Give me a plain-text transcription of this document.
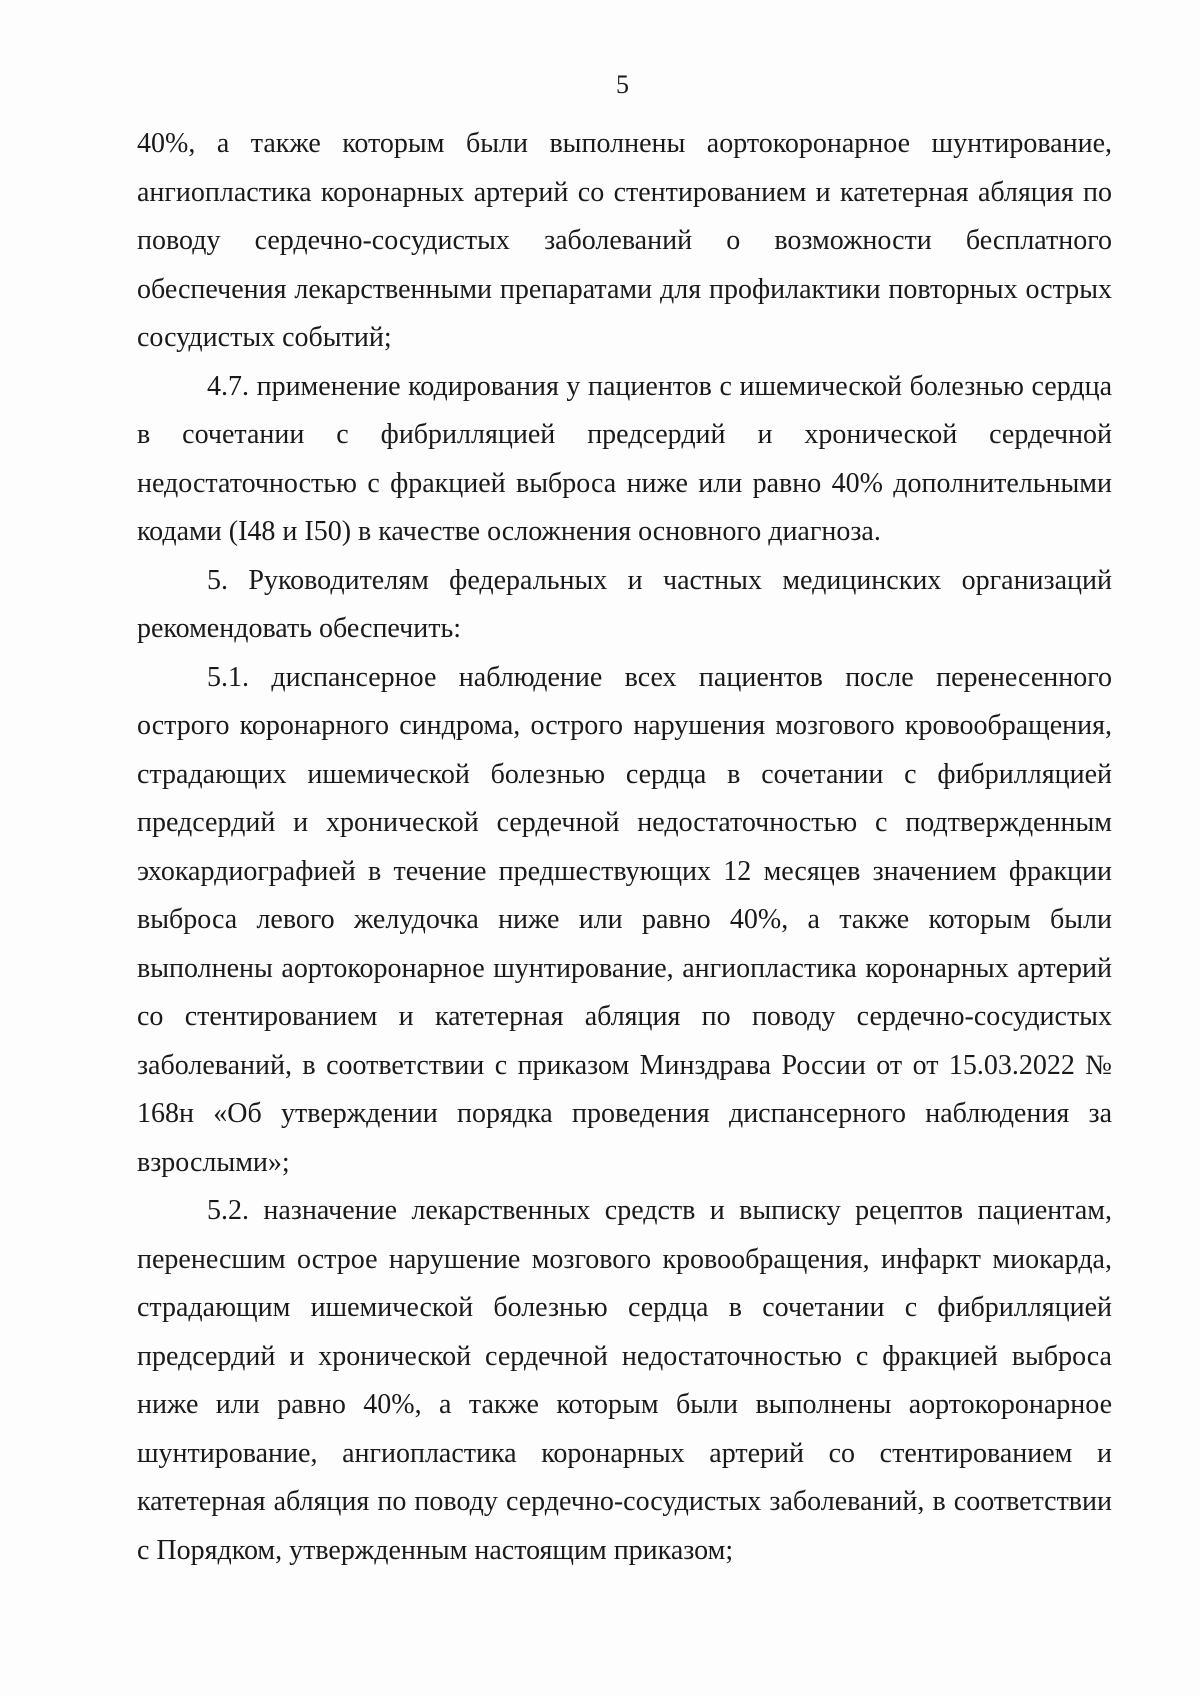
5

40%, а также которым были выполнены аортокоронарное шунтирование, ангиопластика коронарных артерий со стентированием и катетерная абляция по поводу сердечно-сосудистых заболеваний о возможности бесплатного обеспечения лекарственными препаратами для профилактики повторных острых сосудистых событий;

4.7. применение кодирования у пациентов с ишемической болезнью сердца в сочетании с фибрилляцией предсердий и хронической сердечной недостаточностью с фракцией выброса ниже или равно 40% дополнительными кодами (I48 и I50) в качестве осложнения основного диагноза.

5. Руководителям федеральных и частных медицинских организаций рекомендовать обеспечить:

5.1. диспансерное наблюдение всех пациентов после перенесенного острого коронарного синдрома, острого нарушения мозгового кровообращения, страдающих ишемической болезнью сердца в сочетании с фибрилляцией предсердий и хронической сердечной недостаточностью с подтвержденным эхокардиографией в течение предшествующих 12 месяцев значением фракции выброса левого желудочка ниже или равно 40%, а также которым были выполнены аортокоронарное шунтирование, ангиопластика коронарных артерий со стентированием и катетерная абляция по поводу сердечно-сосудистых заболеваний, в соответствии с приказом Минздрава России от от 15.03.2022 № 168н «Об утверждении порядка проведения диспансерного наблюдения за взрослыми»;

5.2. назначение лекарственных средств и выписку рецептов пациентам, перенесшим острое нарушение мозгового кровообращения, инфаркт миокарда, страдающим ишемической болезнью сердца в сочетании с фибрилляцией предсердий и хронической сердечной недостаточностью с фракцией выброса ниже или равно 40%, а также которым были выполнены аортокоронарное шунтирование, ангиопластика коронарных артерий со стентированием и катетерная абляция по поводу сердечно-сосудистых заболеваний, в соответствии с Порядком, утвержденным настоящим приказом;
